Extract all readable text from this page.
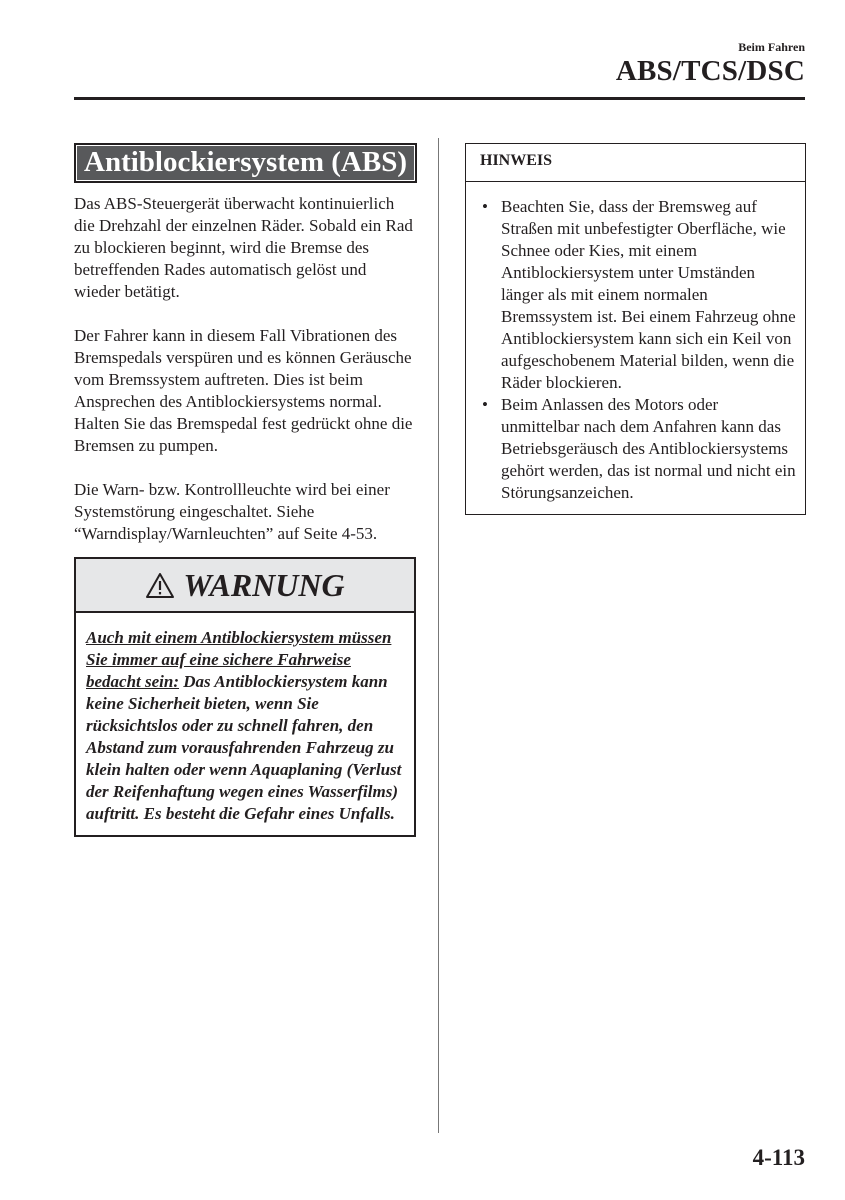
Beim Fahren
ABS/TCS/DSC
Antiblockiersystem (ABS)

Das ABS-Steuergerät überwacht kontinuierlich die Drehzahl der einzelnen Räder. Sobald ein Rad zu blockieren beginnt, wird die Bremse des betreffenden Rades automatisch gelöst und wieder betätigt.

Der Fahrer kann in diesem Fall Vibrationen des Bremspedals verspüren und es können Geräusche vom Bremssystem auftreten. Dies ist beim Ansprechen des Antiblockiersystems normal. Halten Sie das Bremspedal fest gedrückt ohne die Bremsen zu pumpen.

Die Warn- bzw. Kontrollleuchte wird bei einer Systemstörung eingeschaltet. Siehe “Warndisplay/Warnleuchten” auf Seite 4-53.

WARNUNG
Auch mit einem Antiblockiersystem müssen Sie immer auf eine sichere Fahrweise bedacht sein: Das Antiblockiersystem kann keine Sicherheit bieten, wenn Sie rücksichtslos oder zu schnell fahren, den Abstand zum vorausfahrenden Fahrzeug zu klein halten oder wenn Aquaplaning (Verlust der Reifenhaftung wegen eines Wasserfilms) auftritt. Es besteht die Gefahr eines Unfalls.
HINWEIS
• Beachten Sie, dass der Bremsweg auf Straßen mit unbefestigter Oberfläche, wie Schnee oder Kies, mit einem Antiblockiersystem unter Umständen länger als mit einem normalen Bremssystem ist. Bei einem Fahrzeug ohne Antiblockiersystem kann sich ein Keil von aufgeschobenem Material bilden, wenn die Räder blockieren.
• Beim Anlassen des Motors oder unmittelbar nach dem Anfahren kann das Betriebsgeräusch des Antiblockiersystems gehört werden, das ist normal und nicht ein Störungsanzeichen.
4-113
